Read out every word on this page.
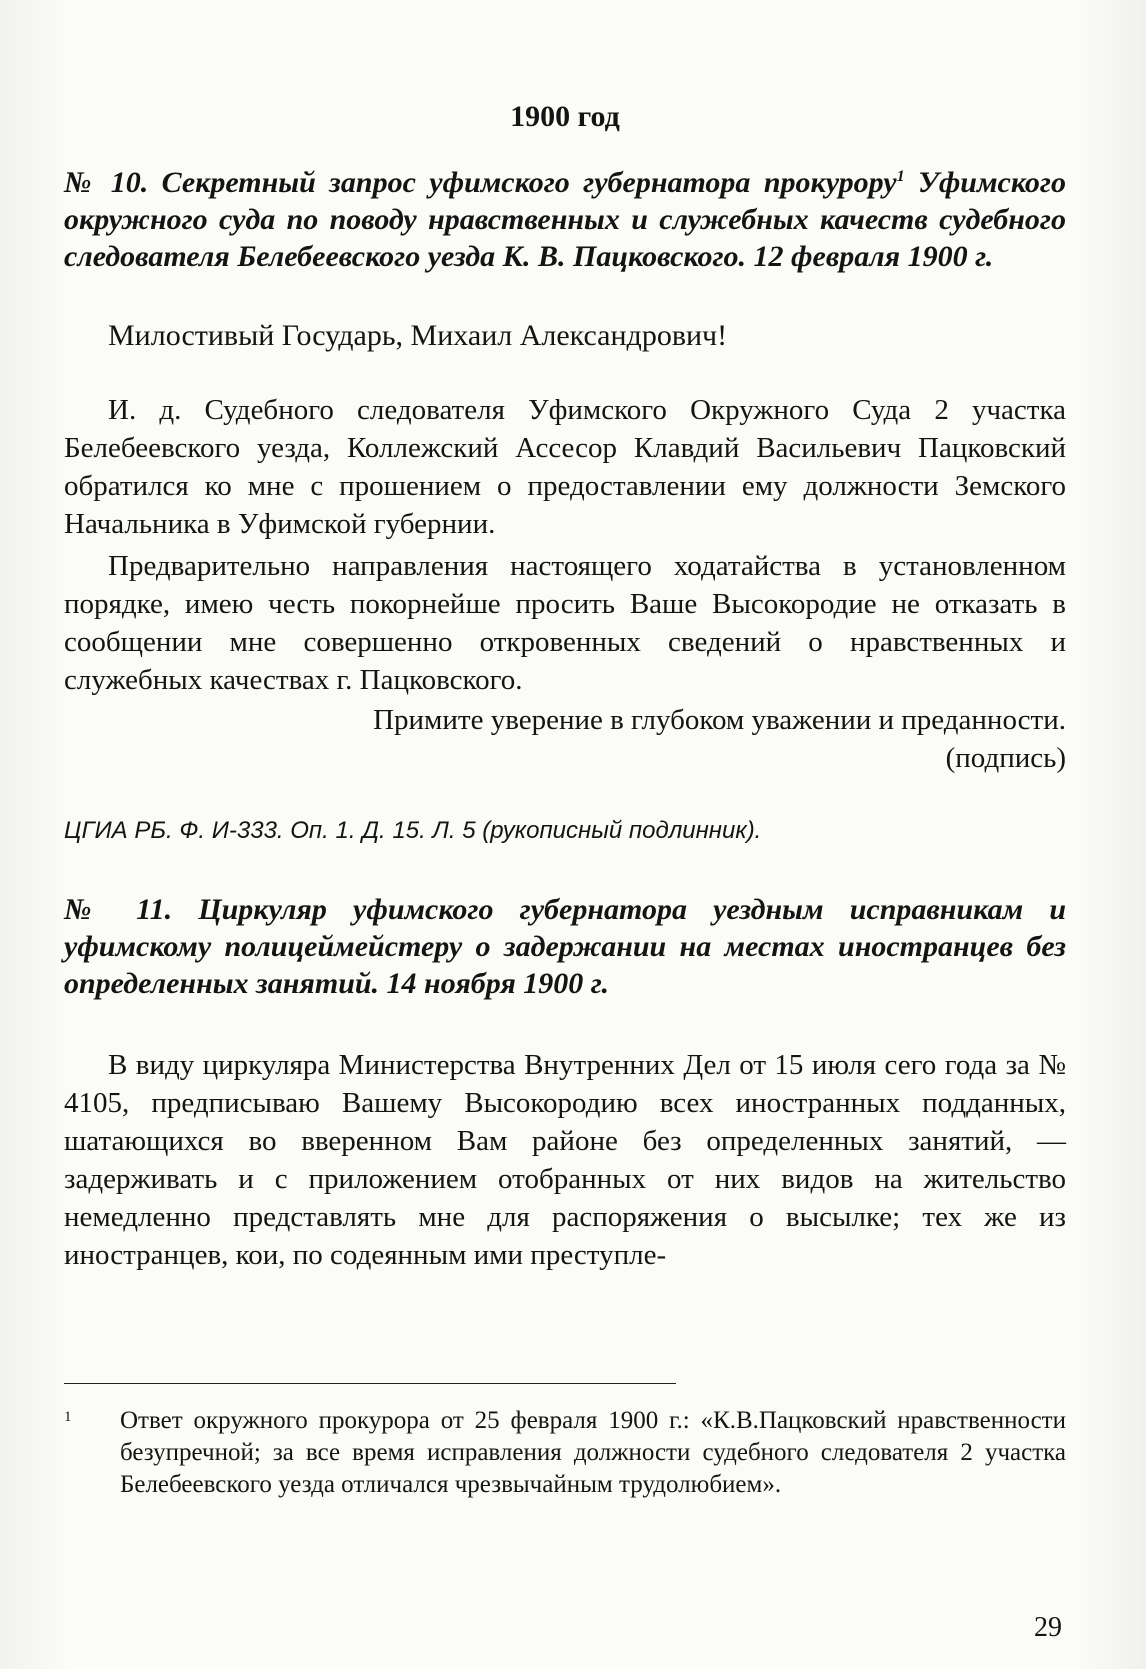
1900 год

№ 10. Секретный запрос уфимского губернатора прокурору$^1$ Уфимского окружного суда по поводу нравственных и служебных качеств судебного следователя Белебеевского уезда К. В. Пацковского. 12 февраля 1900 г.

Милостивый Государь, Михаил Александрович!

И. д. Судебного следователя Уфимского Окружного Суда 2 участка Белебеевского уезда, Коллежский Ассесор Клавдий Васильевич Пацковский обратился ко мне с прошением о предоставлении ему должности Земского Начальника в Уфимской губернии.

Предварительно направления настоящего ходатайства в установленном порядке, имею честь покорнейше просить Ваше Высокородие не отказать в сообщении мне совершенно откровенных сведений о нравственных и служебных качествах г. Пацковского.

Примите уверение в глубоком уважении и преданности.

(подпись)

ЦГИА РБ. Ф. И-333. Оп. 1. Д. 15. Л. 5 (рукописный подлинник).

№ 11. Циркуляр уфимского губернатора уездным исправникам и уфимскому полицеймейстеру о задержании на местах иностранцев без определенных занятий. 14 ноября 1900 г.

В виду циркуляра Министерства Внутренних Дел от 15 июля сего года за № 4105, предписываю Вашему Высокородию всех иностранных подданных, шатающихся во вверенном Вам районе без определенных занятий, — задерживать и с приложением отобранных от них видов на жительство немедленно представлять мне для распоряжения о высылке; тех же из иностранцев, кои, по содеянным ими преступле-

1 Ответ окружного прокурора от 25 февраля 1900 г.: «К.В.Пацковский нравственности безупречной; за все время исправления должности судебного следователя 2 участка Белебеевского уезда отличался чрезвычайным трудолюбием».
29
